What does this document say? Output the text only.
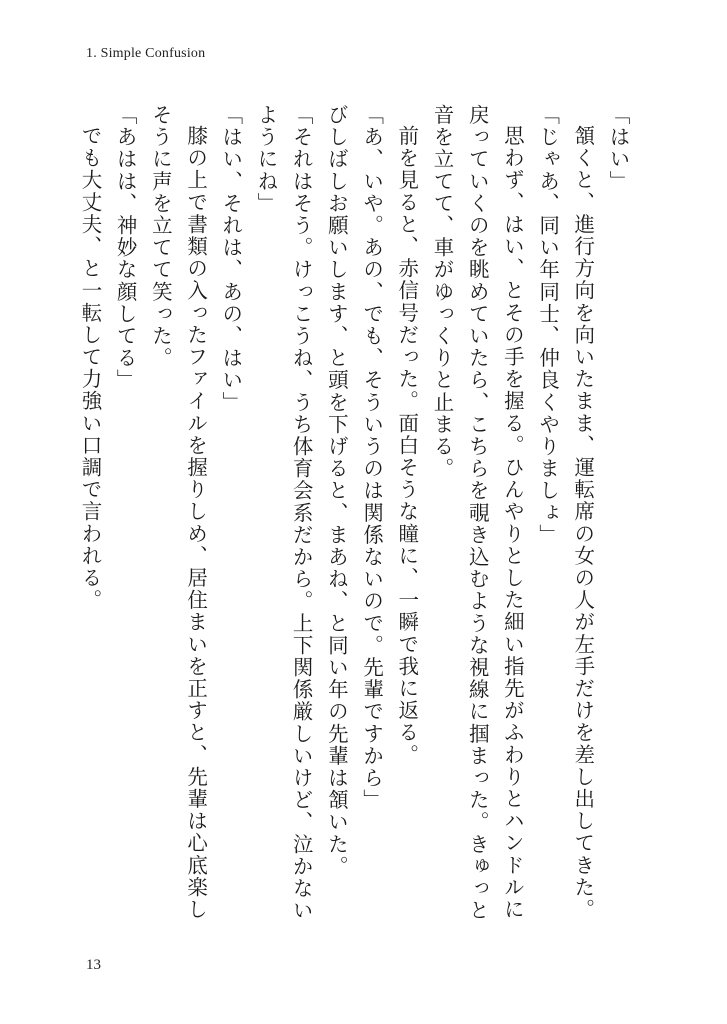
1. Simple Confusion

「はい」

頷くと、進行方向を向いたまま、運転席の女の人が左手だけを差し出してきた。

「じゃあ、同い年同士、仲良くやりましょ」

思わず、はい、とその手を握る。ひんやりとした細い指先がふわりとハンドルに戻っていくのを眺めていたら、こちらを覗き込むような視線に掴まった。きゅっと音を立てて、車がゆっくりと止まる。

前を見ると、赤信号だった。面白そうな瞳に、一瞬で我に返る。

「あ、いや。あの、でも、そういうのは関係ないので。先輩ですから」

びしばしお願いします、と頭を下げると、まあね、と同い年の先輩は頷いた。

「それはそう。けっこうね、うち体育会系だから。上下関係厳しいけど、泣かないようにね」

「はい、それは、あの、はい」

膝の上で書類の入ったファイルを握りしめ、居住まいを正すと、先輩は心底楽しそうに声を立てて笑った。

「あはは、神妙な顔してる」

でも大丈夫、と一転して力強い口調で言われる。

13
